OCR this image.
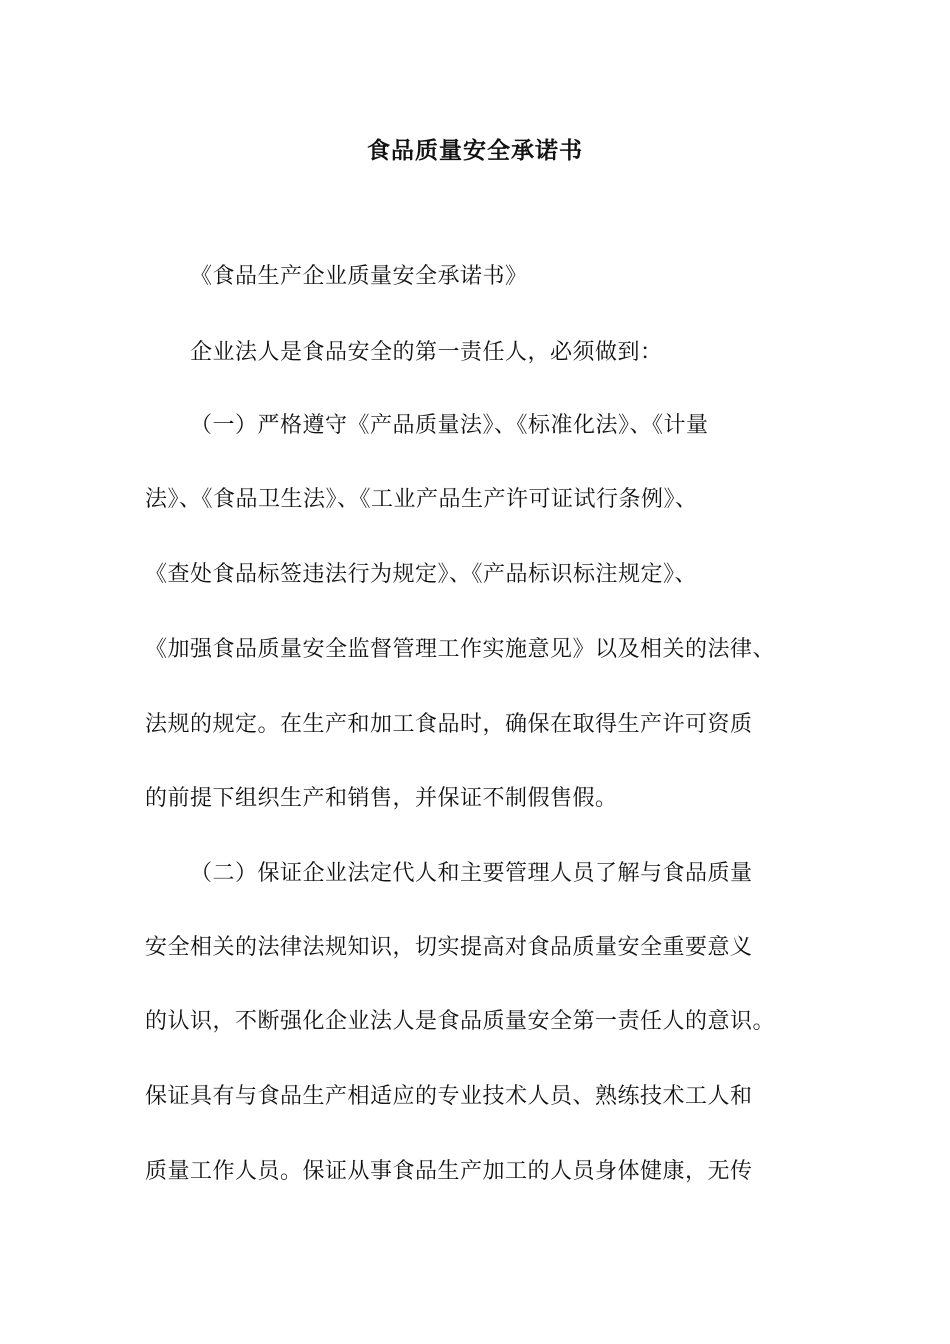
食品质量安全承诺书
《食品生产企业质量安全承诺书》
企业法人是食品安全的第一责任人，必须做到：
（一）严格遵守《产品质量法》、《标准化法》、《计量
法》、《食品卫生法》、《工业产品生产许可证试行条例》、
《查处食品标签违法行为规定》、《产品标识标注规定》、
《加强食品质量安全监督管理工作实施意见》以及相关的法律、
法规的规定。在生产和加工食品时，确保在取得生产许可资质
的前提下组织生产和销售，并保证不制假售假。
（二）保证企业法定代人和主要管理人员了解与食品质量
安全相关的法律法规知识，切实提高对食品质量安全重要意义
的认识，不断强化企业法人是食品质量安全第一责任人的意识。
保证具有与食品生产相适应的专业技术人员、熟练技术工人和
质量工作人员。保证从事食品生产加工的人员身体健康，无传
